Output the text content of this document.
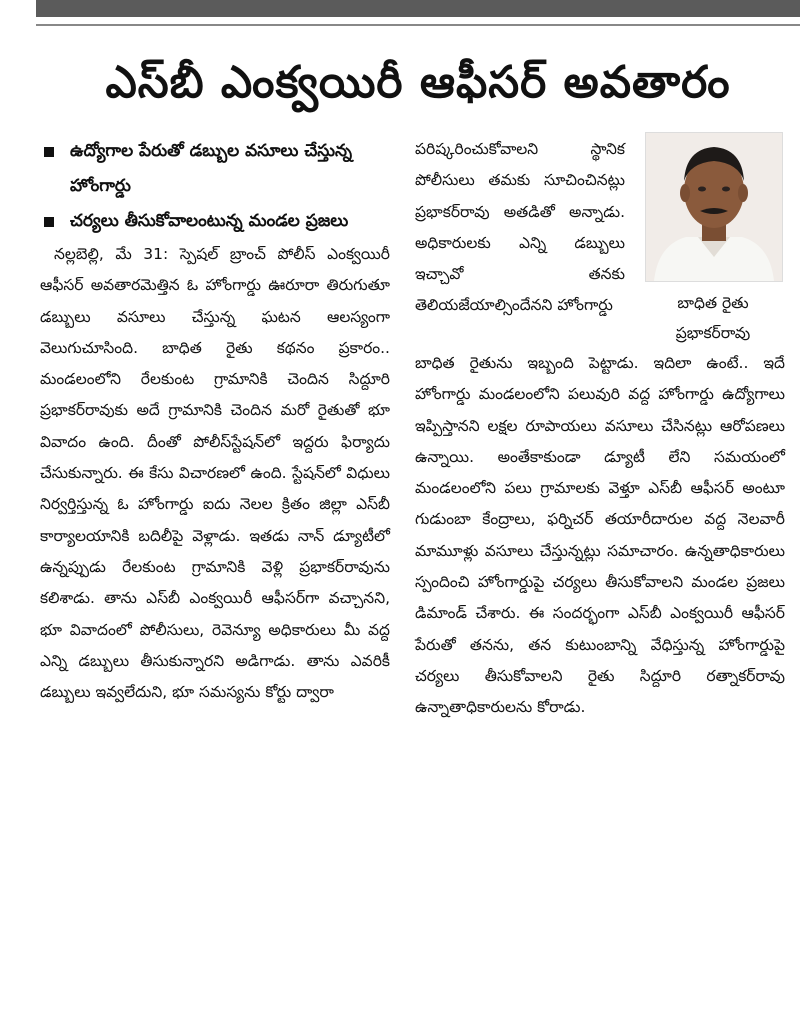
ఎస్‌బీ ఎంక్వయిరీ ఆఫీసర్‌ అవతారం
ఉద్యోగాల పేరుతో డబ్బుల వసూలు చేస్తున్న హోంగార్డు
చర్యలు తీసుకోవాలంటున్న మండల ప్రజలు

నల్లబెల్లి, మే 31: స్పెషల్‌ బ్రాంచ్‌ పోలీస్‌ ఎంక్వయిరీ ఆఫీసర్‌ అవతారమెత్తిన ఓ హోంగార్డు ఊరూరా తిరుగుతూ డబ్బులు వసూలు చేస్తున్న ఘటన ఆలస్యంగా వెలుగుచూసింది. బాధిత రైతు కథనం ప్రకారం.. మండలంలోని రేలకుంట గ్రామానికి చెందిన సిద్దూరి ప్రభాకర్‌రావుకు అదే గ్రామానికి చెందిన మరో రైతుతో భూ వివాదం ఉంది. దీంతో పోలీస్‌స్టేషన్‌లో ఇద్దరు ఫిర్యాదు చేసుకున్నారు. ఈ కేసు విచారణలో ఉంది. స్టేషన్‌లో విధులు నిర్వర్తిస్తున్న ఓ హోంగార్డు ఐదు నెలల క్రితం జిల్లా ఎస్‌బీ కార్యాలయానికి బదిలీపై వెళ్లాడు. ఇతడు నాన్‌ డ్యూటీలో ఉన్నప్పుడు రేలకుంట గ్రామానికి వెళ్లి ప్రభాకర్‌రావును కలిశాడు. తాను ఎస్‌బీ ఎంక్వయిరీ ఆఫీసర్‌గా వచ్చానని, భూ వివాదంలో పోలీసులు, రెవెన్యూ అధికారులు మీ వద్ద ఎన్ని డబ్బులు తీసుకున్నారని అడిగాడు. తాను ఎవరికీ డబ్బులు ఇవ్వలేదుని, భూ సమస్యను కోర్టు ద్వారా

పరిష్కరించుకోవాలని స్థానిక పోలీసులు తమకు సూచించినట్లు ప్రభాకర్‌రావు అతడితో అన్నాడు. అధికారులకు ఎన్ని డబ్బులు ఇచ్చావో తనకు తెలియజేయాల్సిందేనని హోంగార్డు	బాధిత రైతు
ప్రభాకర్‌రావు

బాధిత రైతును ఇబ్బంది పెట్టాడు. ఇదిలా ఉంటే.. ఇదే హోంగార్డు మండలంలోని పలువురి వద్ద హోంగార్డు ఉద్యోగాలు ఇప్పిస్తానని లక్షల రూపాయలు వసూలు చేసినట్లు ఆరోపణలు ఉన్నాయి. అంతేకాకుండా డ్యూటీ లేని సమయంలో మండలంలోని పలు గ్రామాలకు వెళ్తూ ఎస్‌బీ ఆఫీసర్‌ అంటూ గుడుంబా కేంద్రాలు, ఫర్నిచర్‌ తయారీదారుల వద్ద నెలవారీ మామూళ్లు వసూలు చేస్తున్నట్లు సమాచారం. ఉన్నతాధికారులు స్పందించి హోంగార్డుపై చర్యలు తీసుకోవాలని మండల ప్రజలు డిమాండ్‌ చేశారు. ఈ సందర్భంగా ఎస్‌బీ ఎంక్వయిరీ ఆఫీసర్‌ పేరుతో తనను, తన కుటుంబాన్ని వేధిస్తున్న హోంగార్డుపై చర్యలు తీసుకోవాలని రైతు సిద్దూరి రత్నాకర్‌రావు ఉన్నాతాధికారులను కోరాడు.
